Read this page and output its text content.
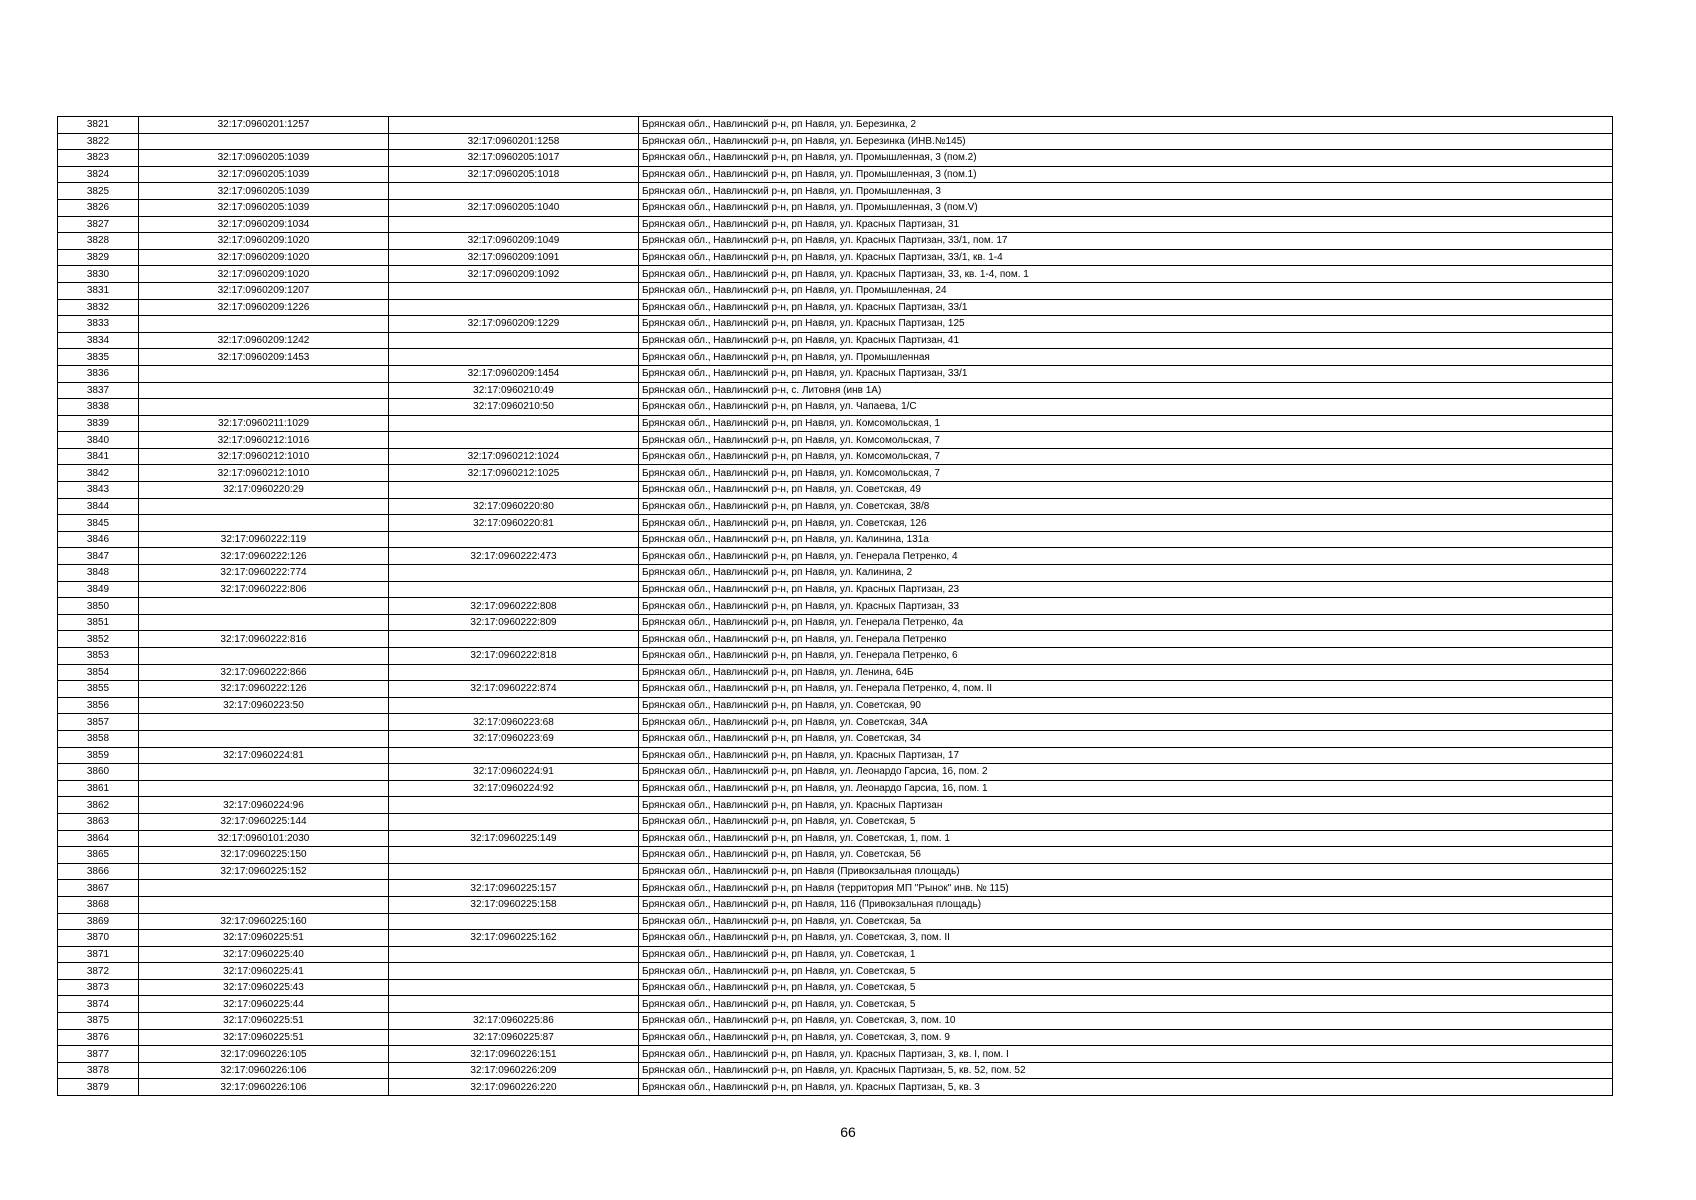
3821	32:17:0960201:1257		Брянская обл., Навлинский р-н, рп Навля, ул. Березинка, 2
3822		32:17:0960201:1258	Брянская обл., Навлинский р-н, рп Навля, ул. Березинка (ИНВ.№145)
3823	32:17:0960205:1039	32:17:0960205:1017	Брянская обл., Навлинский р-н, рп Навля, ул. Промышленная, 3 (пом.2)
3824	32:17:0960205:1039	32:17:0960205:1018	Брянская обл., Навлинский р-н, рп Навля, ул. Промышленная, 3 (пом.1)
3825	32:17:0960205:1039		Брянская обл., Навлинский р-н, рп Навля, ул. Промышленная, 3
3826	32:17:0960205:1039	32:17:0960205:1040	Брянская обл., Навлинский р-н, рп Навля, ул. Промышленная, 3 (пом.V)
3827	32:17:0960209:1034		Брянская обл., Навлинский р-н, рп Навля, ул. Красных Партизан, 31
3828	32:17:0960209:1020	32:17:0960209:1049	Брянская обл., Навлинский р-н, рп Навля, ул. Красных Партизан, 33/1, пом. 17
3829	32:17:0960209:1020	32:17:0960209:1091	Брянская обл., Навлинский р-н, рп Навля, ул. Красных Партизан, 33/1, кв. 1-4
3830	32:17:0960209:1020	32:17:0960209:1092	Брянская обл., Навлинский р-н, рп Навля, ул. Красных Партизан, 33, кв. 1-4, пом. 1
3831	32:17:0960209:1207		Брянская обл., Навлинский р-н, рп Навля, ул. Промышленная, 24
3832	32:17:0960209:1226		Брянская обл., Навлинский р-н, рп Навля, ул. Красных Партизан, 33/1
3833		32:17:0960209:1229	Брянская обл., Навлинский р-н, рп Навля, ул. Красных Партизан, 125
3834	32:17:0960209:1242		Брянская обл., Навлинский р-н, рп Навля, ул. Красных Партизан, 41
3835	32:17:0960209:1453		Брянская обл., Навлинский р-н, рп Навля, ул. Промышленная
3836		32:17:0960209:1454	Брянская обл., Навлинский р-н, рп Навля, ул. Красных Партизан, 33/1
3837		32:17:0960210:49	Брянская обл., Навлинский р-н, с. Литовня (инв 1А)
3838		32:17:0960210:50	Брянская обл., Навлинский р-н, рп Навля, ул. Чапаева, 1/С
3839	32:17:0960211:1029		Брянская обл., Навлинский р-н, рп Навля, ул. Комсомольская, 1
3840	32:17:0960212:1016		Брянская обл., Навлинский р-н, рп Навля, ул. Комсомольская, 7
3841	32:17:0960212:1010	32:17:0960212:1024	Брянская обл., Навлинский р-н, рп Навля, ул. Комсомольская, 7
3842	32:17:0960212:1010	32:17:0960212:1025	Брянская обл., Навлинский р-н, рп Навля, ул. Комсомольская, 7
3843	32:17:0960220:29		Брянская обл., Навлинский р-н, рп Навля, ул. Советская, 49
3844		32:17:0960220:80	Брянская обл., Навлинский р-н, рп Навля, ул. Советская, 38/8
3845		32:17:0960220:81	Брянская обл., Навлинский р-н, рп Навля, ул. Советская, 126
3846	32:17:0960222:119		Брянская обл., Навлинский р-н, рп Навля, ул. Калинина, 131а
3847	32:17:0960222:126	32:17:0960222:473	Брянская обл., Навлинский р-н, рп Навля, ул. Генерала Петренко, 4
3848	32:17:0960222:774		Брянская обл., Навлинский р-н, рп Навля, ул. Калинина, 2
3849	32:17:0960222:806		Брянская обл., Навлинский р-н, рп Навля, ул. Красных Партизан, 23
3850		32:17:0960222:808	Брянская обл., Навлинский р-н, рп Навля, ул. Красных Партизан, 33
3851		32:17:0960222:809	Брянская обл., Навлинский р-н, рп Навля, ул. Генерала Петренко, 4а
3852	32:17:0960222:816		Брянская обл., Навлинский р-н, рп Навля, ул. Генерала Петренко
3853		32:17:0960222:818	Брянская обл., Навлинский р-н, рп Навля, ул. Генерала Петренко, 6
3854	32:17:0960222:866		Брянская обл., Навлинский р-н, рп Навля, ул. Ленина, 64Б
3855	32:17:0960222:126	32:17:0960222:874	Брянская обл., Навлинский р-н, рп Навля, ул. Генерала Петренко, 4, пом. II
3856	32:17:0960223:50		Брянская обл., Навлинский р-н, рп Навля, ул. Советская, 90
3857		32:17:0960223:68	Брянская обл., Навлинский р-н, рп Навля, ул. Советская, 34А
3858		32:17:0960223:69	Брянская обл., Навлинский р-н, рп Навля, ул. Советская, 34
3859	32:17:0960224:81		Брянская обл., Навлинский р-н, рп Навля, ул. Красных Партизан, 17
3860		32:17:0960224:91	Брянская обл., Навлинский р-н, рп Навля, ул. Леонардо Гарсиа, 16, пом. 2
3861		32:17:0960224:92	Брянская обл., Навлинский р-н, рп Навля, ул. Леонардо Гарсиа, 16, пом. 1
3862	32:17:0960224:96		Брянская обл., Навлинский р-н, рп Навля, ул. Красных Партизан
3863	32:17:0960225:144		Брянская обл., Навлинский р-н, рп Навля, ул. Советская, 5
3864	32:17:0960101:2030	32:17:0960225:149	Брянская обл., Навлинский р-н, рп Навля, ул. Советская, 1, пом. 1
3865	32:17:0960225:150		Брянская обл., Навлинский р-н, рп Навля, ул. Советская, 56
3866	32:17:0960225:152		Брянская обл., Навлинский р-н, рп Навля (Привокзальная площадь)
3867		32:17:0960225:157	Брянская обл., Навлинский р-н, рп Навля (территория МП "Рынок" инв. № 115)
3868		32:17:0960225:158	Брянская обл., Навлинский р-н, рп Навля, 116 (Привокзальная площадь)
3869	32:17:0960225:160		Брянская обл., Навлинский р-н, рп Навля, ул. Советская, 5а
3870	32:17:0960225:51	32:17:0960225:162	Брянская обл., Навлинский р-н, рп Навля, ул. Советская, 3, пом. II
3871	32:17:0960225:40		Брянская обл., Навлинский р-н, рп Навля, ул. Советская, 1
3872	32:17:0960225:41		Брянская обл., Навлинский р-н, рп Навля, ул. Советская, 5
3873	32:17:0960225:43		Брянская обл., Навлинский р-н, рп Навля, ул. Советская, 5
3874	32:17:0960225:44		Брянская обл., Навлинский р-н, рп Навля, ул. Советская, 5
3875	32:17:0960225:51	32:17:0960225:86	Брянская обл., Навлинский р-н, рп Навля, ул. Советская, 3, пом. 10
3876	32:17:0960225:51	32:17:0960225:87	Брянская обл., Навлинский р-н, рп Навля, ул. Советская, 3, пом. 9
3877	32:17:0960226:105	32:17:0960226:151	Брянская обл., Навлинский р-н, рп Навля, ул. Красных Партизан, 3, кв. I, пом. I
3878	32:17:0960226:106	32:17:0960226:209	Брянская обл., Навлинский р-н, рп Навля, ул. Красных Партизан, 5, кв. 52, пом. 52
3879	32:17:0960226:106	32:17:0960226:220	Брянская обл., Навлинский р-н, рп Навля, ул. Красных Партизан, 5, кв. 3
66
